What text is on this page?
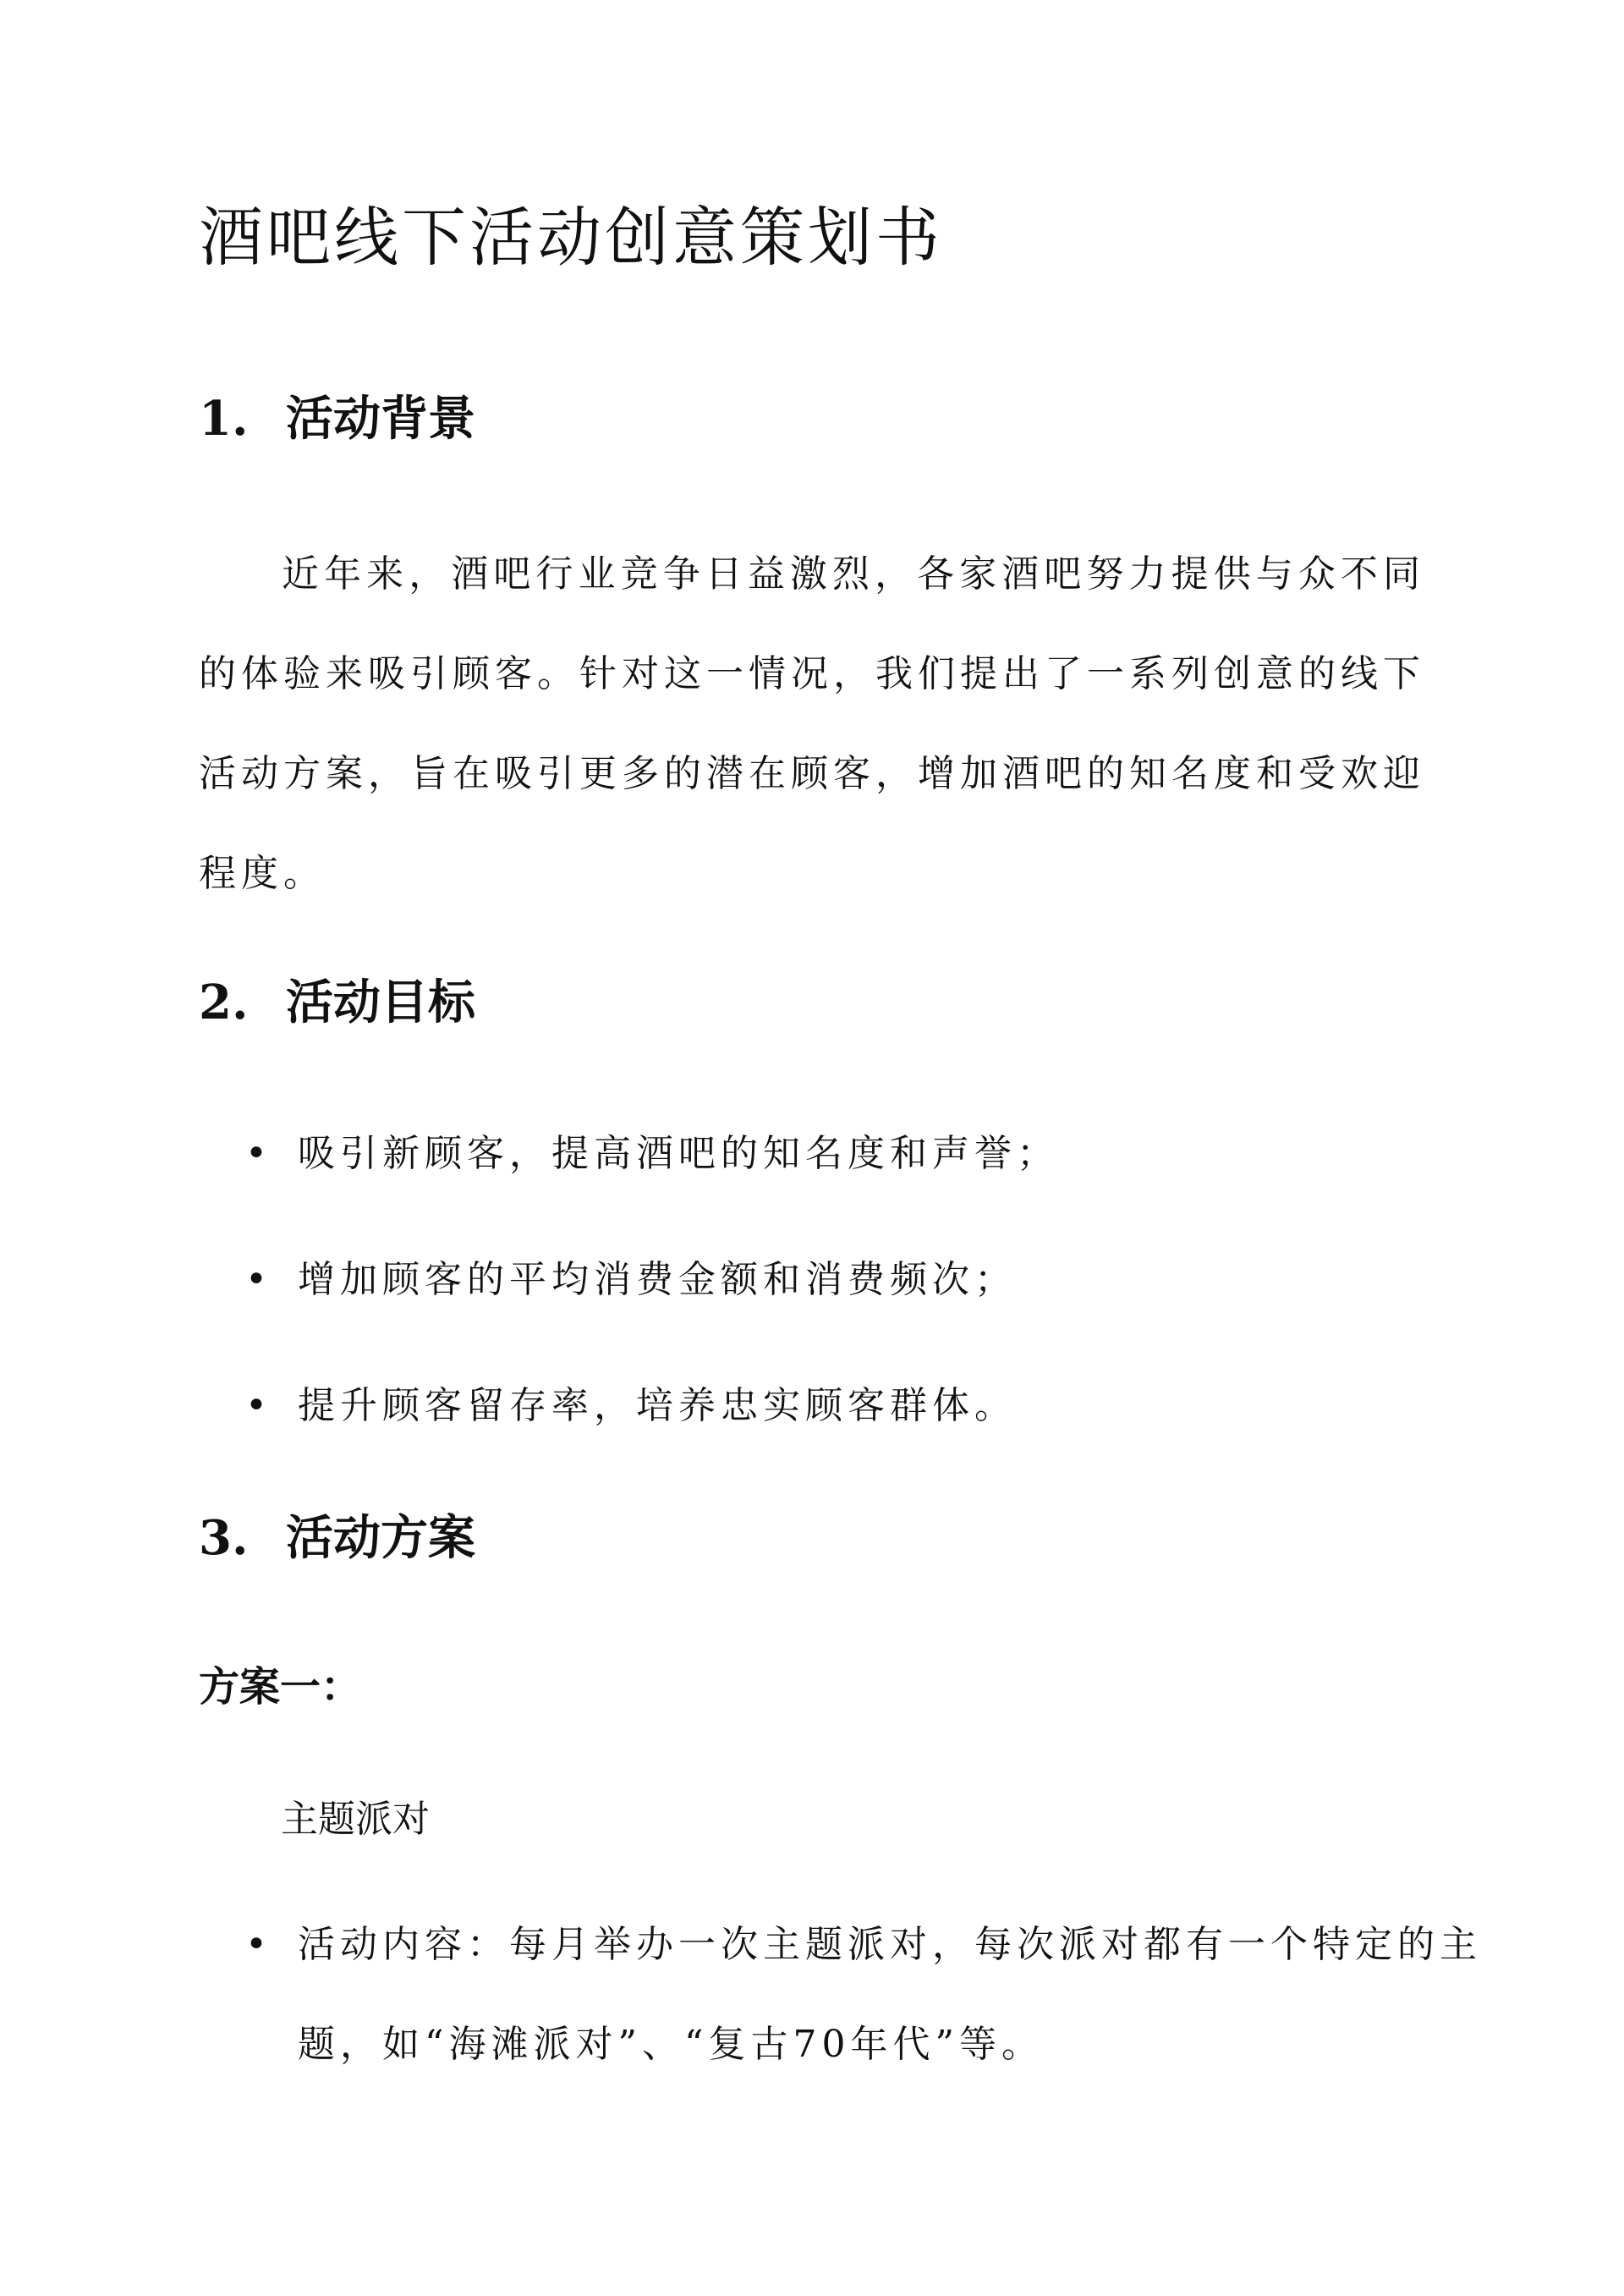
酒吧线下活动创意策划书
1. 活动背景

近年来，酒吧行业竞争日益激烈，各家酒吧努力提供与众不同的体验来吸引顾客。针对这一情况，我们提出了一系列创意的线下活动方案，旨在吸引更多的潜在顾客，增加酒吧的知名度和受欢迎程度。

2. 活动目标
• 吸引新顾客，提高酒吧的知名度和声誉；
• 增加顾客的平均消费金额和消费频次；
• 提升顾客留存率，培养忠实顾客群体。
3. 活动方案
方案一：

主题派对

• 活动内容：每月举办一次主题派对，每次派对都有一个特定的主题，如“海滩派对”、“复古70年代”等。
